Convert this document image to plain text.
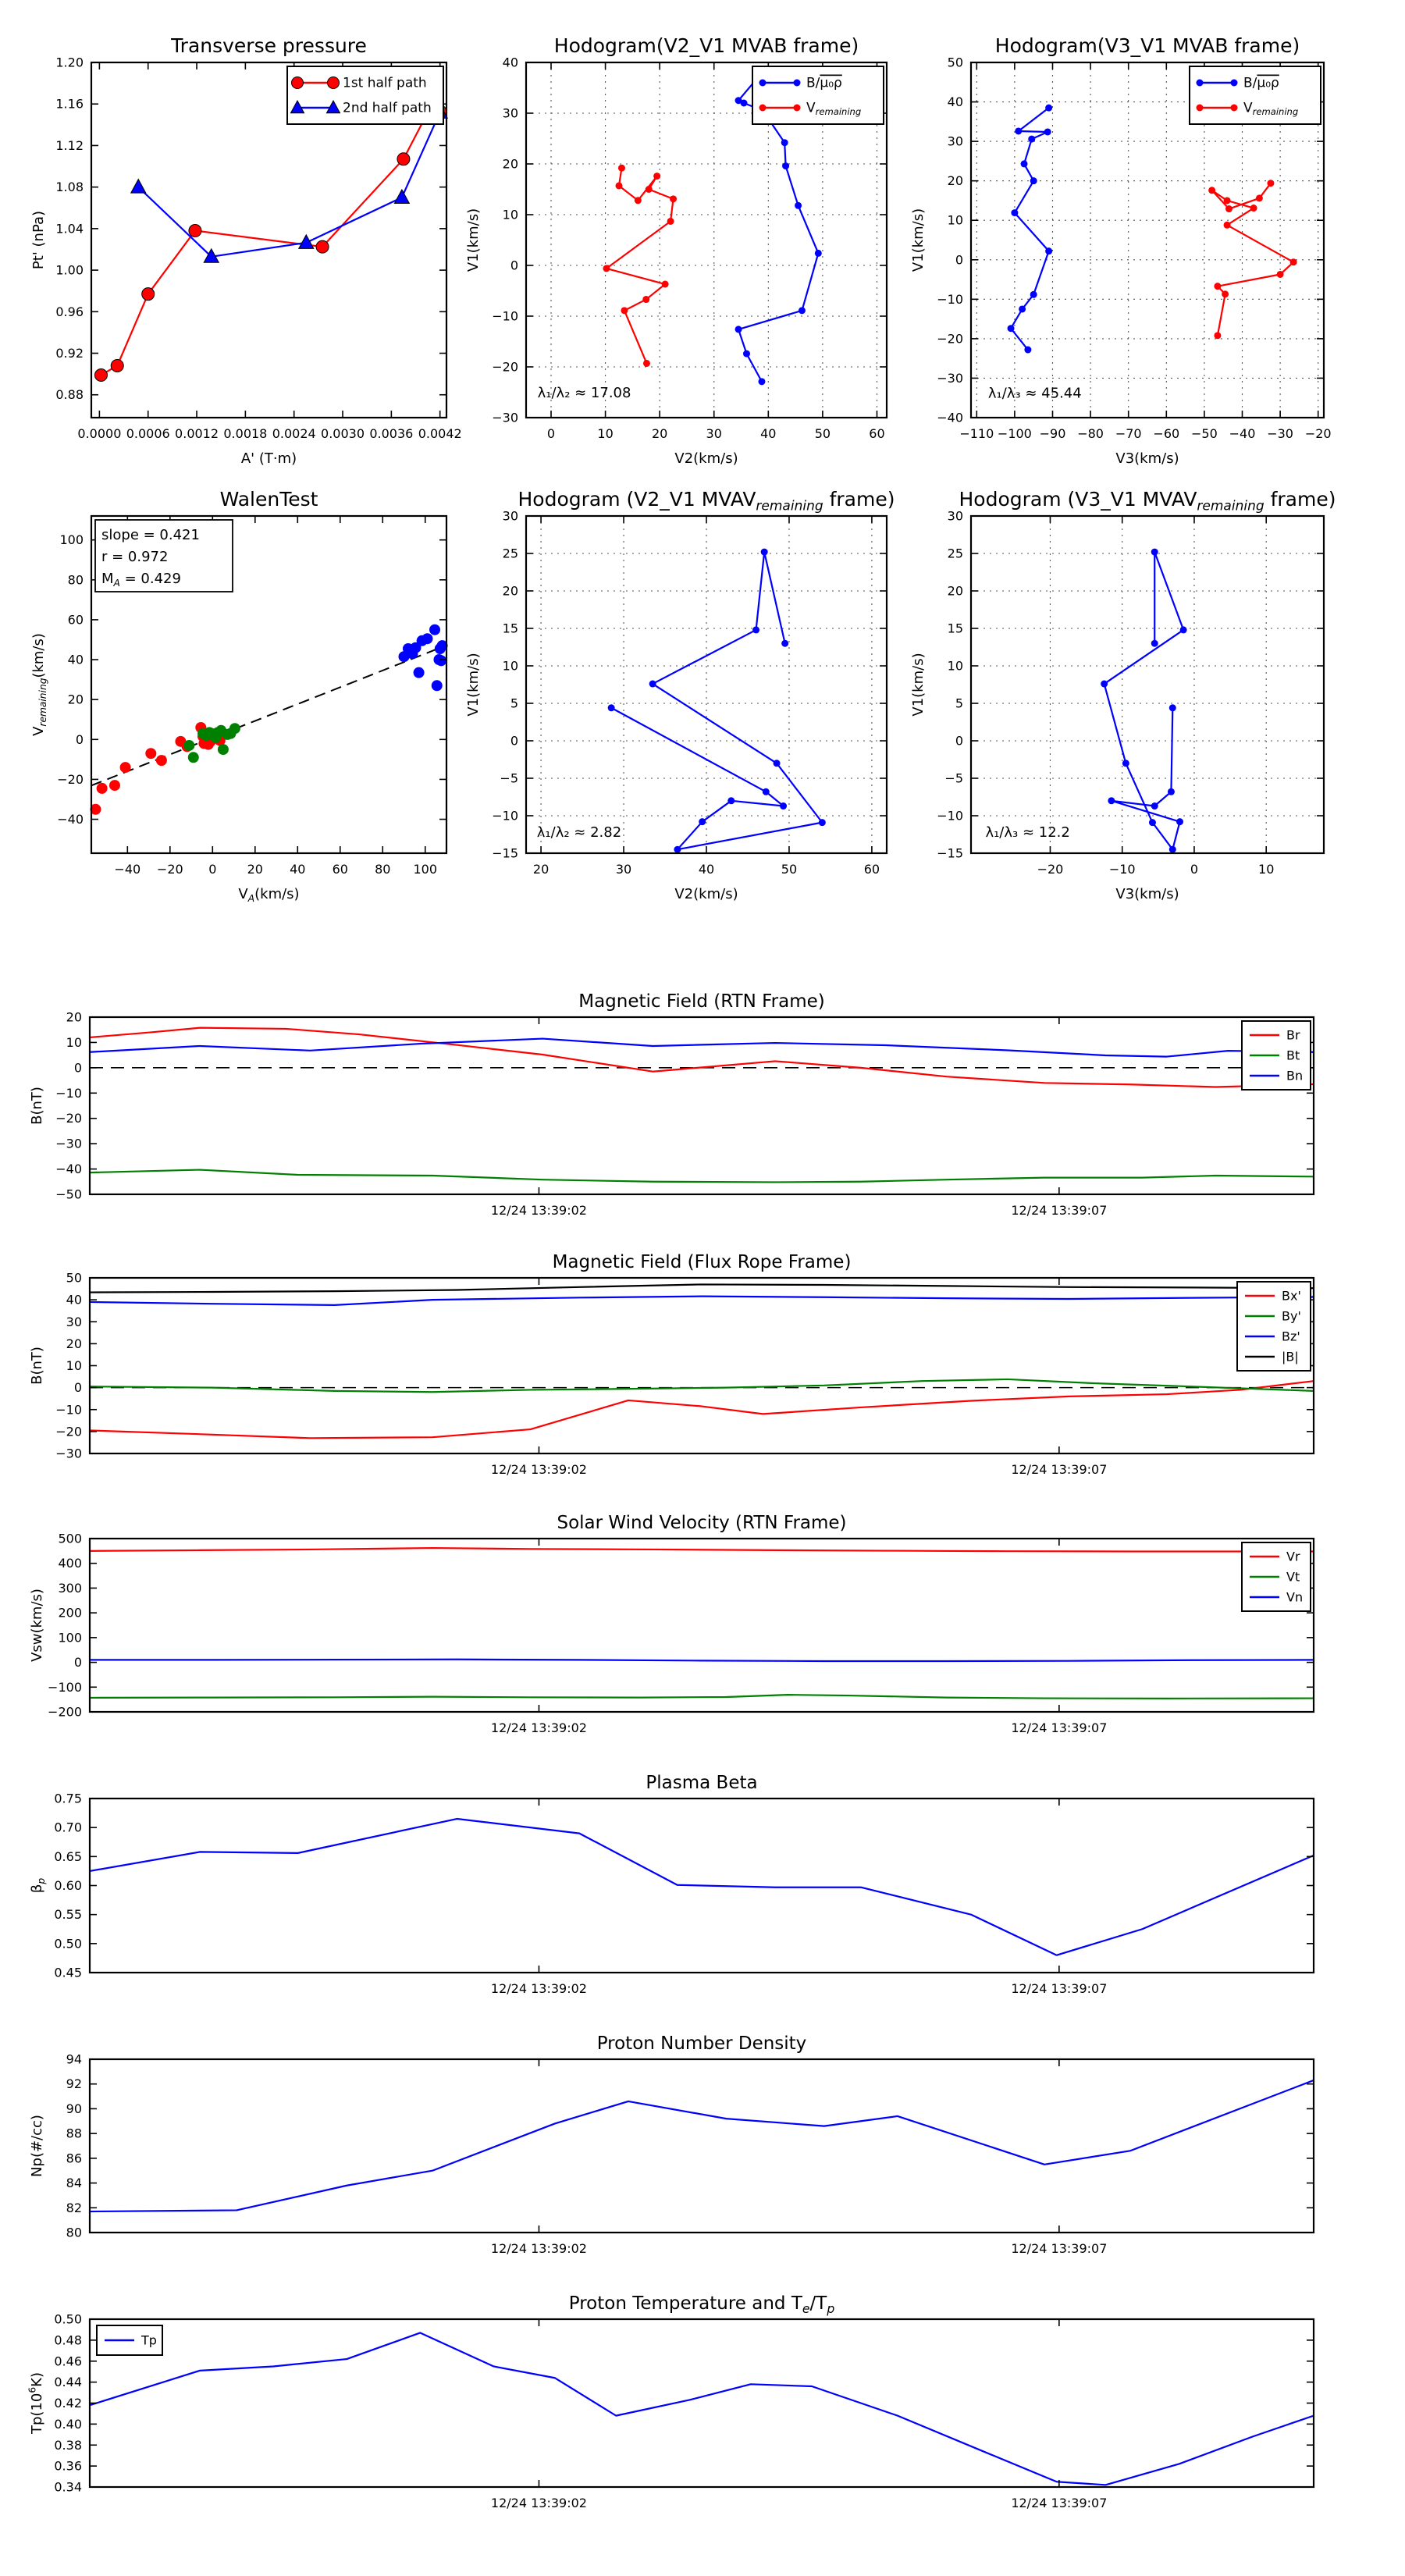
0.0000 0.0006 0.0012 0.0018 0.0024 0.0030 0.0036 0.0042
0.88
0.92
0.96
1.00
1.04
1.08
1.12
1.16
1.20
Transverse pressure
A' (T·m)
Pt' (nPa)
1st half path
2nd half path
0	10	20	30	40	50	60
−30
−20
−10
0
10
20
30
40
Hodogram(V2_V1 MVAB frame)
V2(km/s)
V1(km/s)
λ₁/λ₂ ≈ 17.08
B/μ₀ρ
$V_{remaining}$
−110 −100 −90 −80 −70 −60 −50 −40 −30 −20
−40
−30
−20
−10
0
10
20
30
40
50
Hodogram(V3_V1 MVAB frame)
V3(km/s)
V1(km/s)
λ₁/λ₃ ≈ 45.44
B/μ₀ρ
$V_{remaining}$
−40 −20 0 20 40 60 80 100
−40
−20
0
20
40
60
80
100
WalenTest
$V_A(km/s)$
$V_{remaining}(km/s)$
slope = 0.421
r = 0.972
$M_A = 0.429$
20	30	40	50	60
−15
−10
−5
0
5
10
15
20
25
30
Hodogram (V2_V1 $MVAV_{remaining}$ frame)
V2(km/s)
V1(km/s)
λ₁/λ₂ ≈ 2.82
−20	−10	0	10
−15
−10
−5
0
5
10
15
20
25
30
Hodogram (V3_V1 $MVAV_{remaining}$ frame)
V3(km/s)
V1(km/s)
λ₁/λ₃ ≈ 12.2
12/24 13:39:02	12/24 13:39:07
−50
−40
−30
−20
−10
0
10
20
Magnetic Field (RTN Frame)
B(nT)
Br
Bt
Bn
12/24 13:39:02	12/24 13:39:07
−30
−20
−10
0
10
20
30
40
50
Magnetic Field (Flux Rope Frame)
B(nT)
Bx'
By'
Bz'
|B|
12/24 13:39:02	12/24 13:39:07
−200
−100
0
100
200
300
400
500
Solar Wind Velocity (RTN Frame)
Vsw(km/s)
Vr
Vt
Vn
12/24 13:39:02	12/24 13:39:07
0.45
0.50
0.55
0.60
0.65
0.70
0.75
Plasma Beta
$\beta_p$
12/24 13:39:02	12/24 13:39:07
80
82
84
86
88
90
92
94
Proton Number Density
Np(#/cc)
12/24 13:39:02	12/24 13:39:07
0.34
0.36
0.38
0.40
0.42
0.44
0.46
0.48
0.50
Proton Temperature and $T_e/T_p$
$Tp(10^6K)$
Tp
